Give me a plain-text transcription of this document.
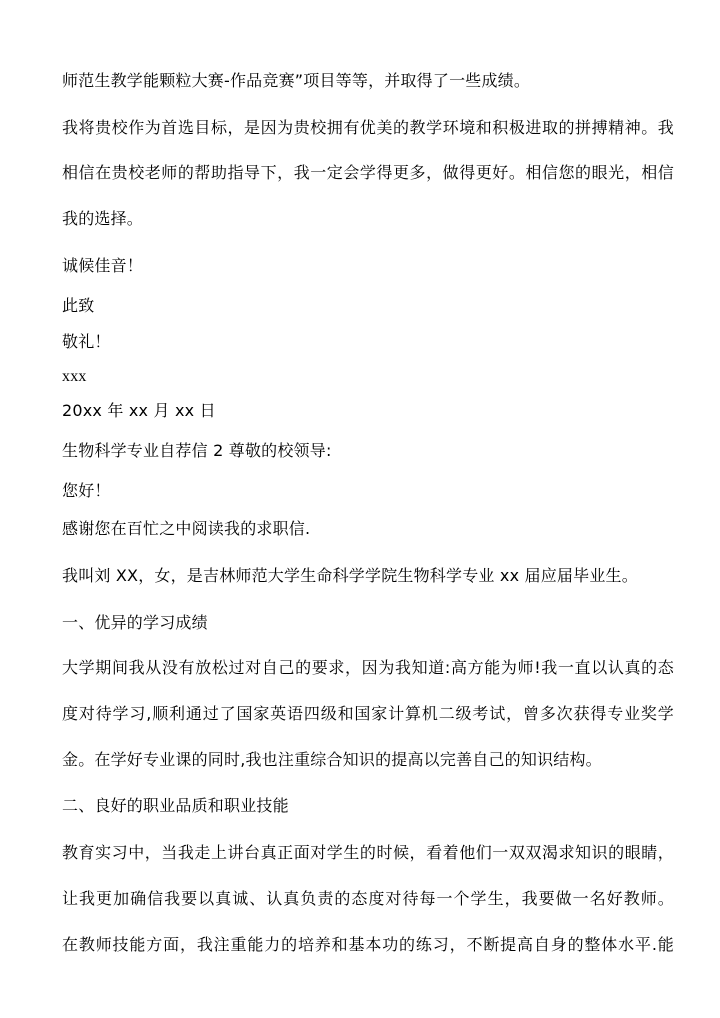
师范生教学能颗粒大赛-作品竞赛”项目等等，并取得了一些成绩。
我将贵校作为首选目标，是因为贵校拥有优美的教学环境和积极进取的拼搏精神。我
相信在贵校老师的帮助指导下，我一定会学得更多，做得更好。相信您的眼光，相信
我的选择。
诚候佳音！
此致
敬礼！
xxx
20xx 年 xx 月 xx 日
生物科学专业自荐信 2 尊敬的校领导:
您好！
感谢您在百忙之中阅读我的求职信.
我叫刘 XX，女，是吉林师范大学生命科学学院生物科学专业 xx 届应届毕业生。
一、优异的学习成绩
大学期间我从没有放松过对自己的要求，因为我知道:高方能为师!我一直以认真的态
度对待学习,顺利通过了国家英语四级和国家计算机二级考试，曾多次获得专业奖学
金。在学好专业课的同时,我也注重综合知识的提高以完善自己的知识结构。
二、良好的职业品质和职业技能
教育实习中，当我走上讲台真正面对学生的时候，看着他们一双双渴求知识的眼睛，
让我更加确信我要以真诚、认真负责的态度对待每一个学生，我要做一名好教师。
在教师技能方面，我注重能力的培养和基本功的练习，不断提高自身的整体水平.能
